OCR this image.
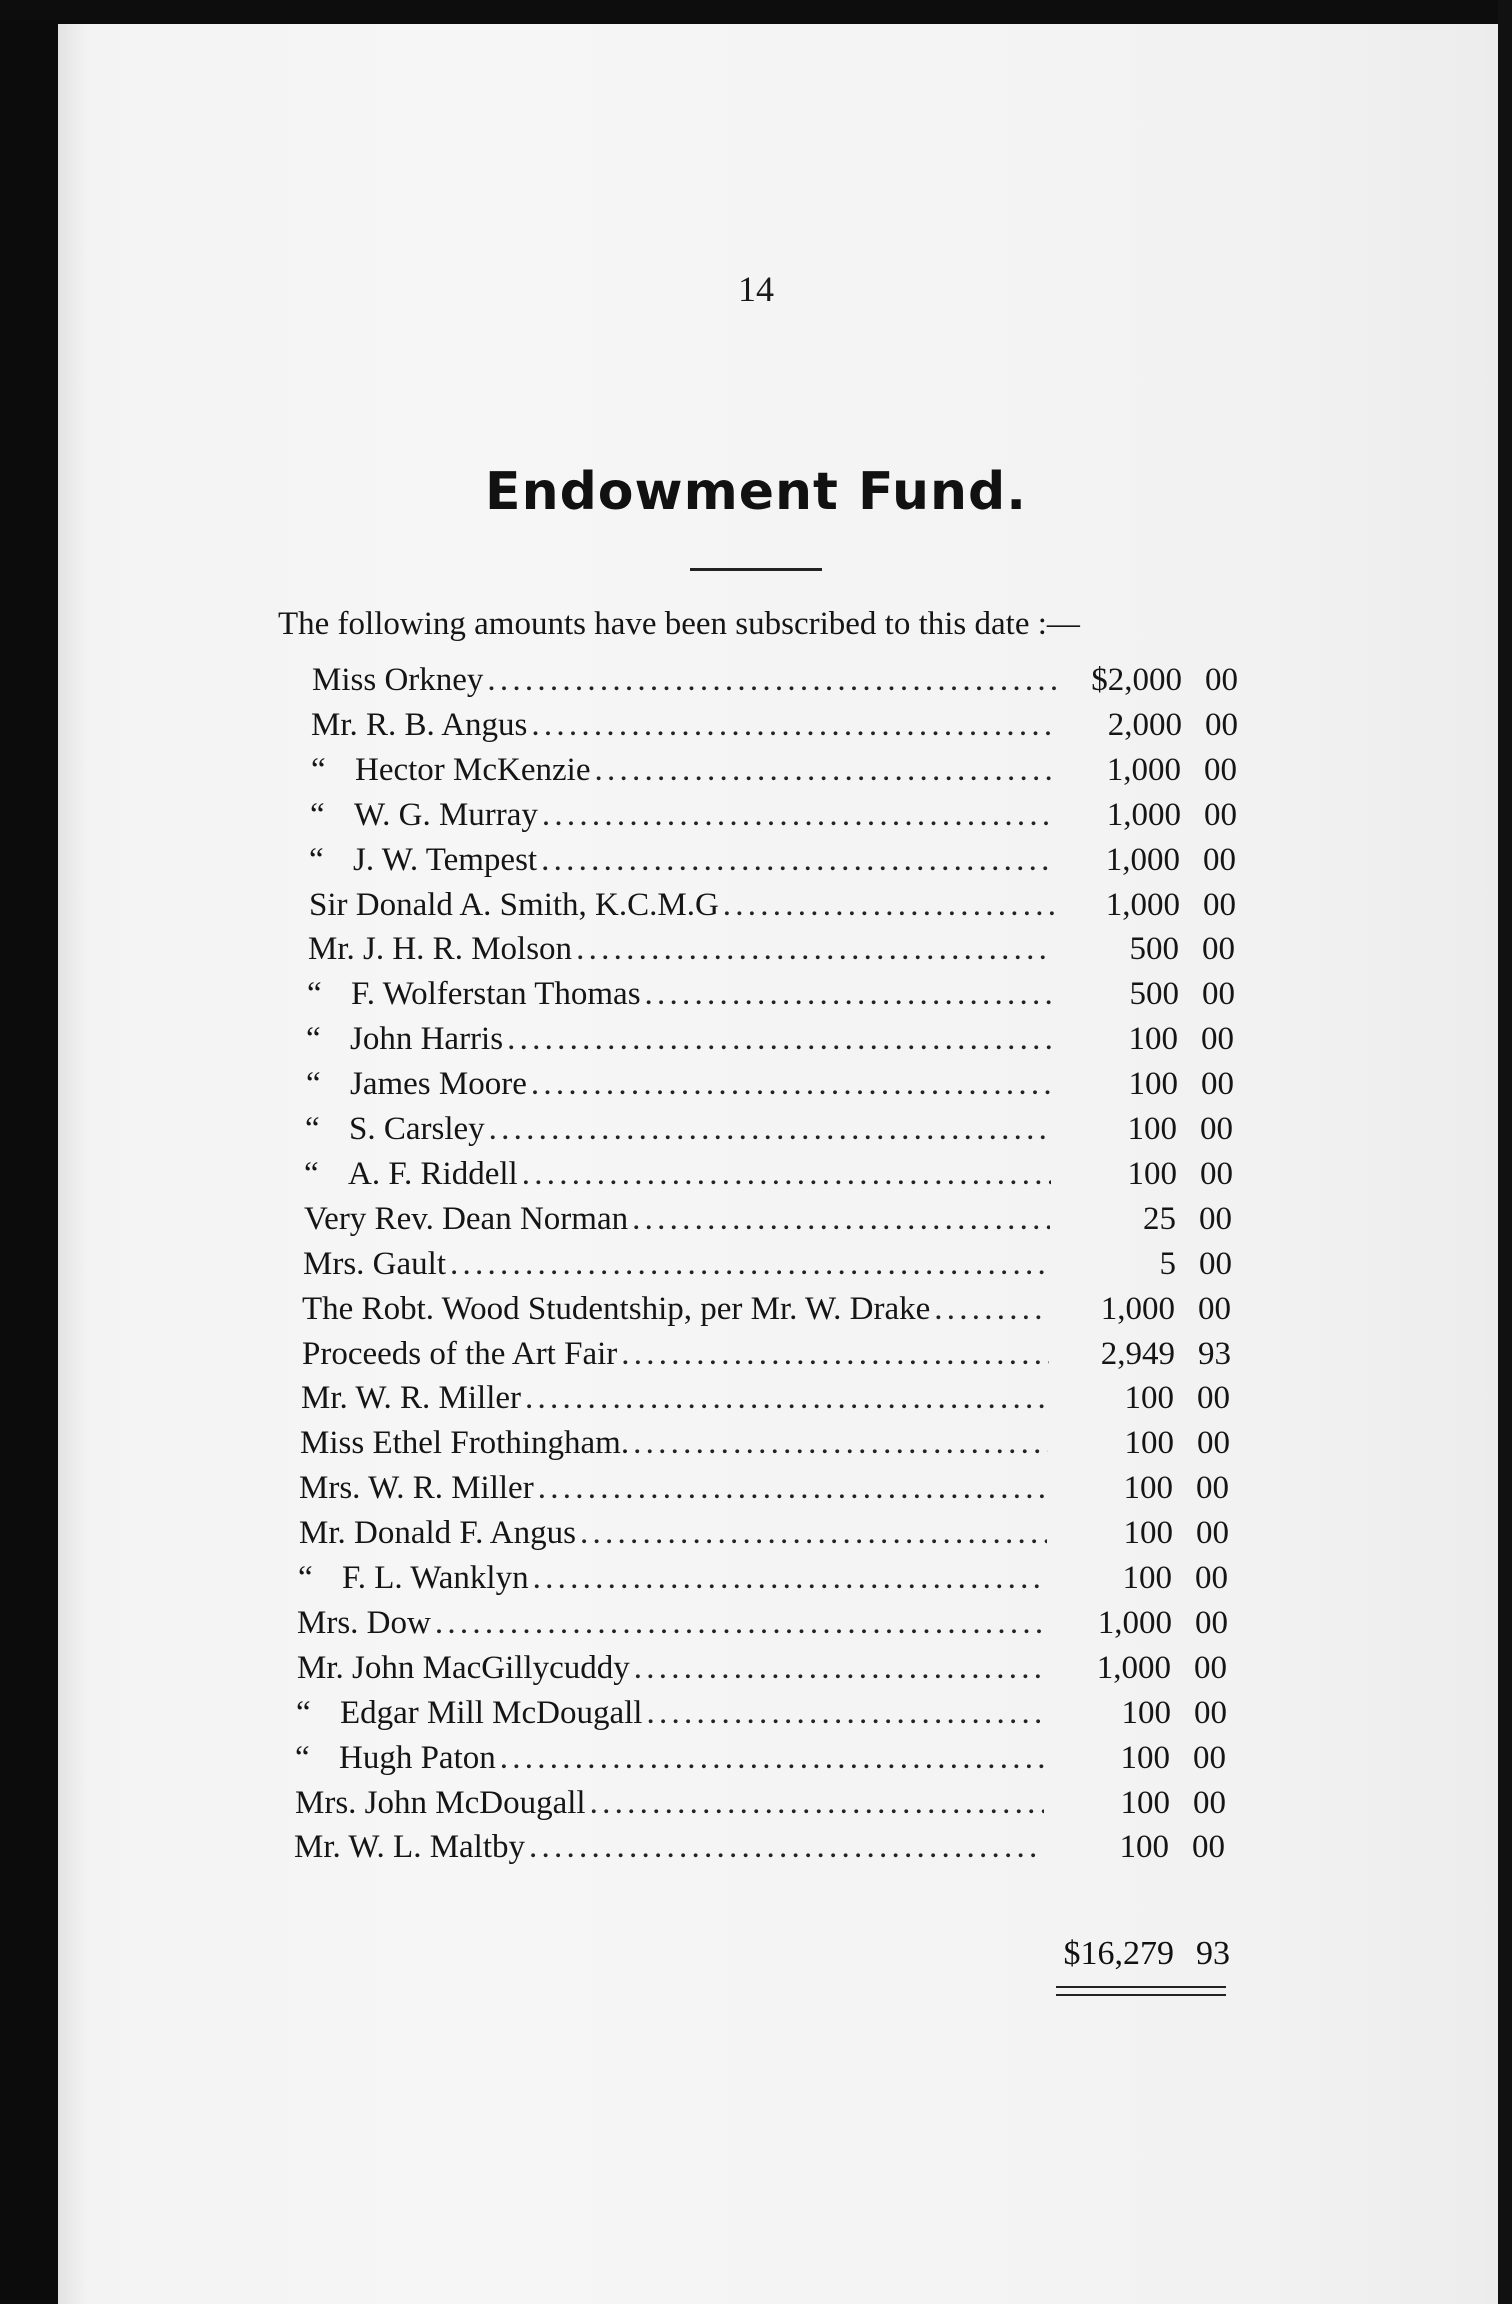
14
Endowment Fund.
The following amounts have been subscribed to this date :—
Miss Orkney . . .	$2,000 00
Mr. R. B. Angus . . .	2,000 00
“ Hector McKenzie . . .	1,000 00
“ W. G. Murray . . .	1,000 00
“ J. W. Tempest . . .	1,000 00
Sir Donald A. Smith, K.C.M.G . . .	1,000 00
Mr. J. H. R. Molson . . .	500 00
“ F. Wolferstan Thomas . . .	500 00
“ John Harris . . .	100 00
“ James Moore . . .	100 00
“ S. Carsley . . .	100 00
“ A. F. Riddell . . .	100 00
Very Rev. Dean Norman . . .	25 00
Mrs. Gault . . .	5 00
The Robt. Wood Studentship, per Mr. W. Drake . . .	1,000 00
Proceeds of the Art Fair . . .	2,949 93
Mr. W. R. Miller . . .	100 00
Miss Ethel Frothingham. . . .	100 00
Mrs. W. R. Miller . . .	100 00
Mr. Donald F. Angus . . .	100 00
“ F. L. Wanklyn . . .	100 00
Mrs. Dow . . .	1,000 00
Mr. John MacGillycuddy . . .	1,000 00
“ Edgar Mill McDougall . . .	100 00
“ Hugh Paton . . .	100 00
Mrs. John McDougall . . .	100 00
Mr. W. L. Maltby . . .	100 00
$16,279 93
